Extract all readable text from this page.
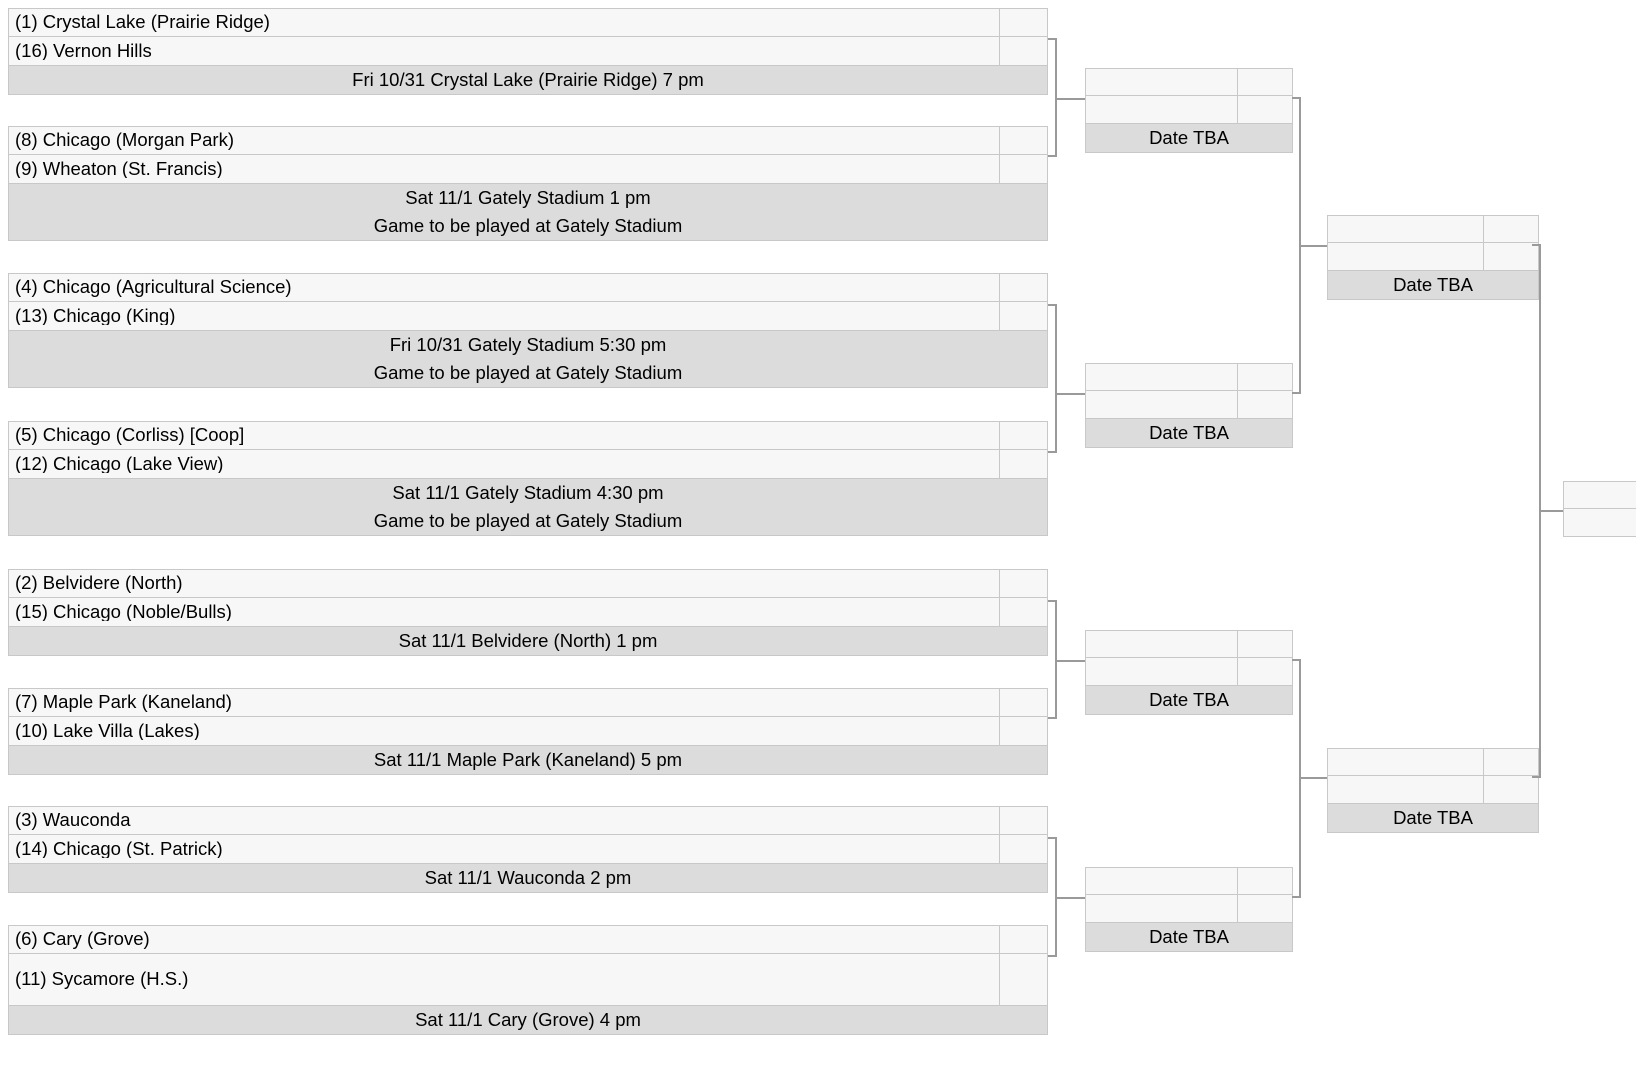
(1) Crystal Lake (Prairie Ridge)
(16) Vernon Hills
Fri 10/31 Crystal Lake (Prairie Ridge) 7 pm
(8) Chicago (Morgan Park)
(9) Wheaton (St. Francis)
Sat 11/1 Gately Stadium 1 pm
Game to be played at Gately Stadium
(4) Chicago (Agricultural Science)
(13) Chicago (King)
Fri 10/31 Gately Stadium 5:30 pm
Game to be played at Gately Stadium
(5) Chicago (Corliss) [Coop]
(12) Chicago (Lake View)
Sat 11/1 Gately Stadium 4:30 pm
Game to be played at Gately Stadium
(2) Belvidere (North)
(15) Chicago (Noble/Bulls)
Sat 11/1 Belvidere (North) 1 pm
(7) Maple Park (Kaneland)
(10) Lake Villa (Lakes)
Sat 11/1 Maple Park (Kaneland) 5 pm
(3) Wauconda
(14) Chicago (St. Patrick)
Sat 11/1 Wauconda 2 pm
(6) Cary (Grove)
(11) Sycamore (H.S.)
Sat 11/1 Cary (Grove) 4 pm
Date TBA
Date TBA
Date TBA
Date TBA
Date TBA
Date TBA
